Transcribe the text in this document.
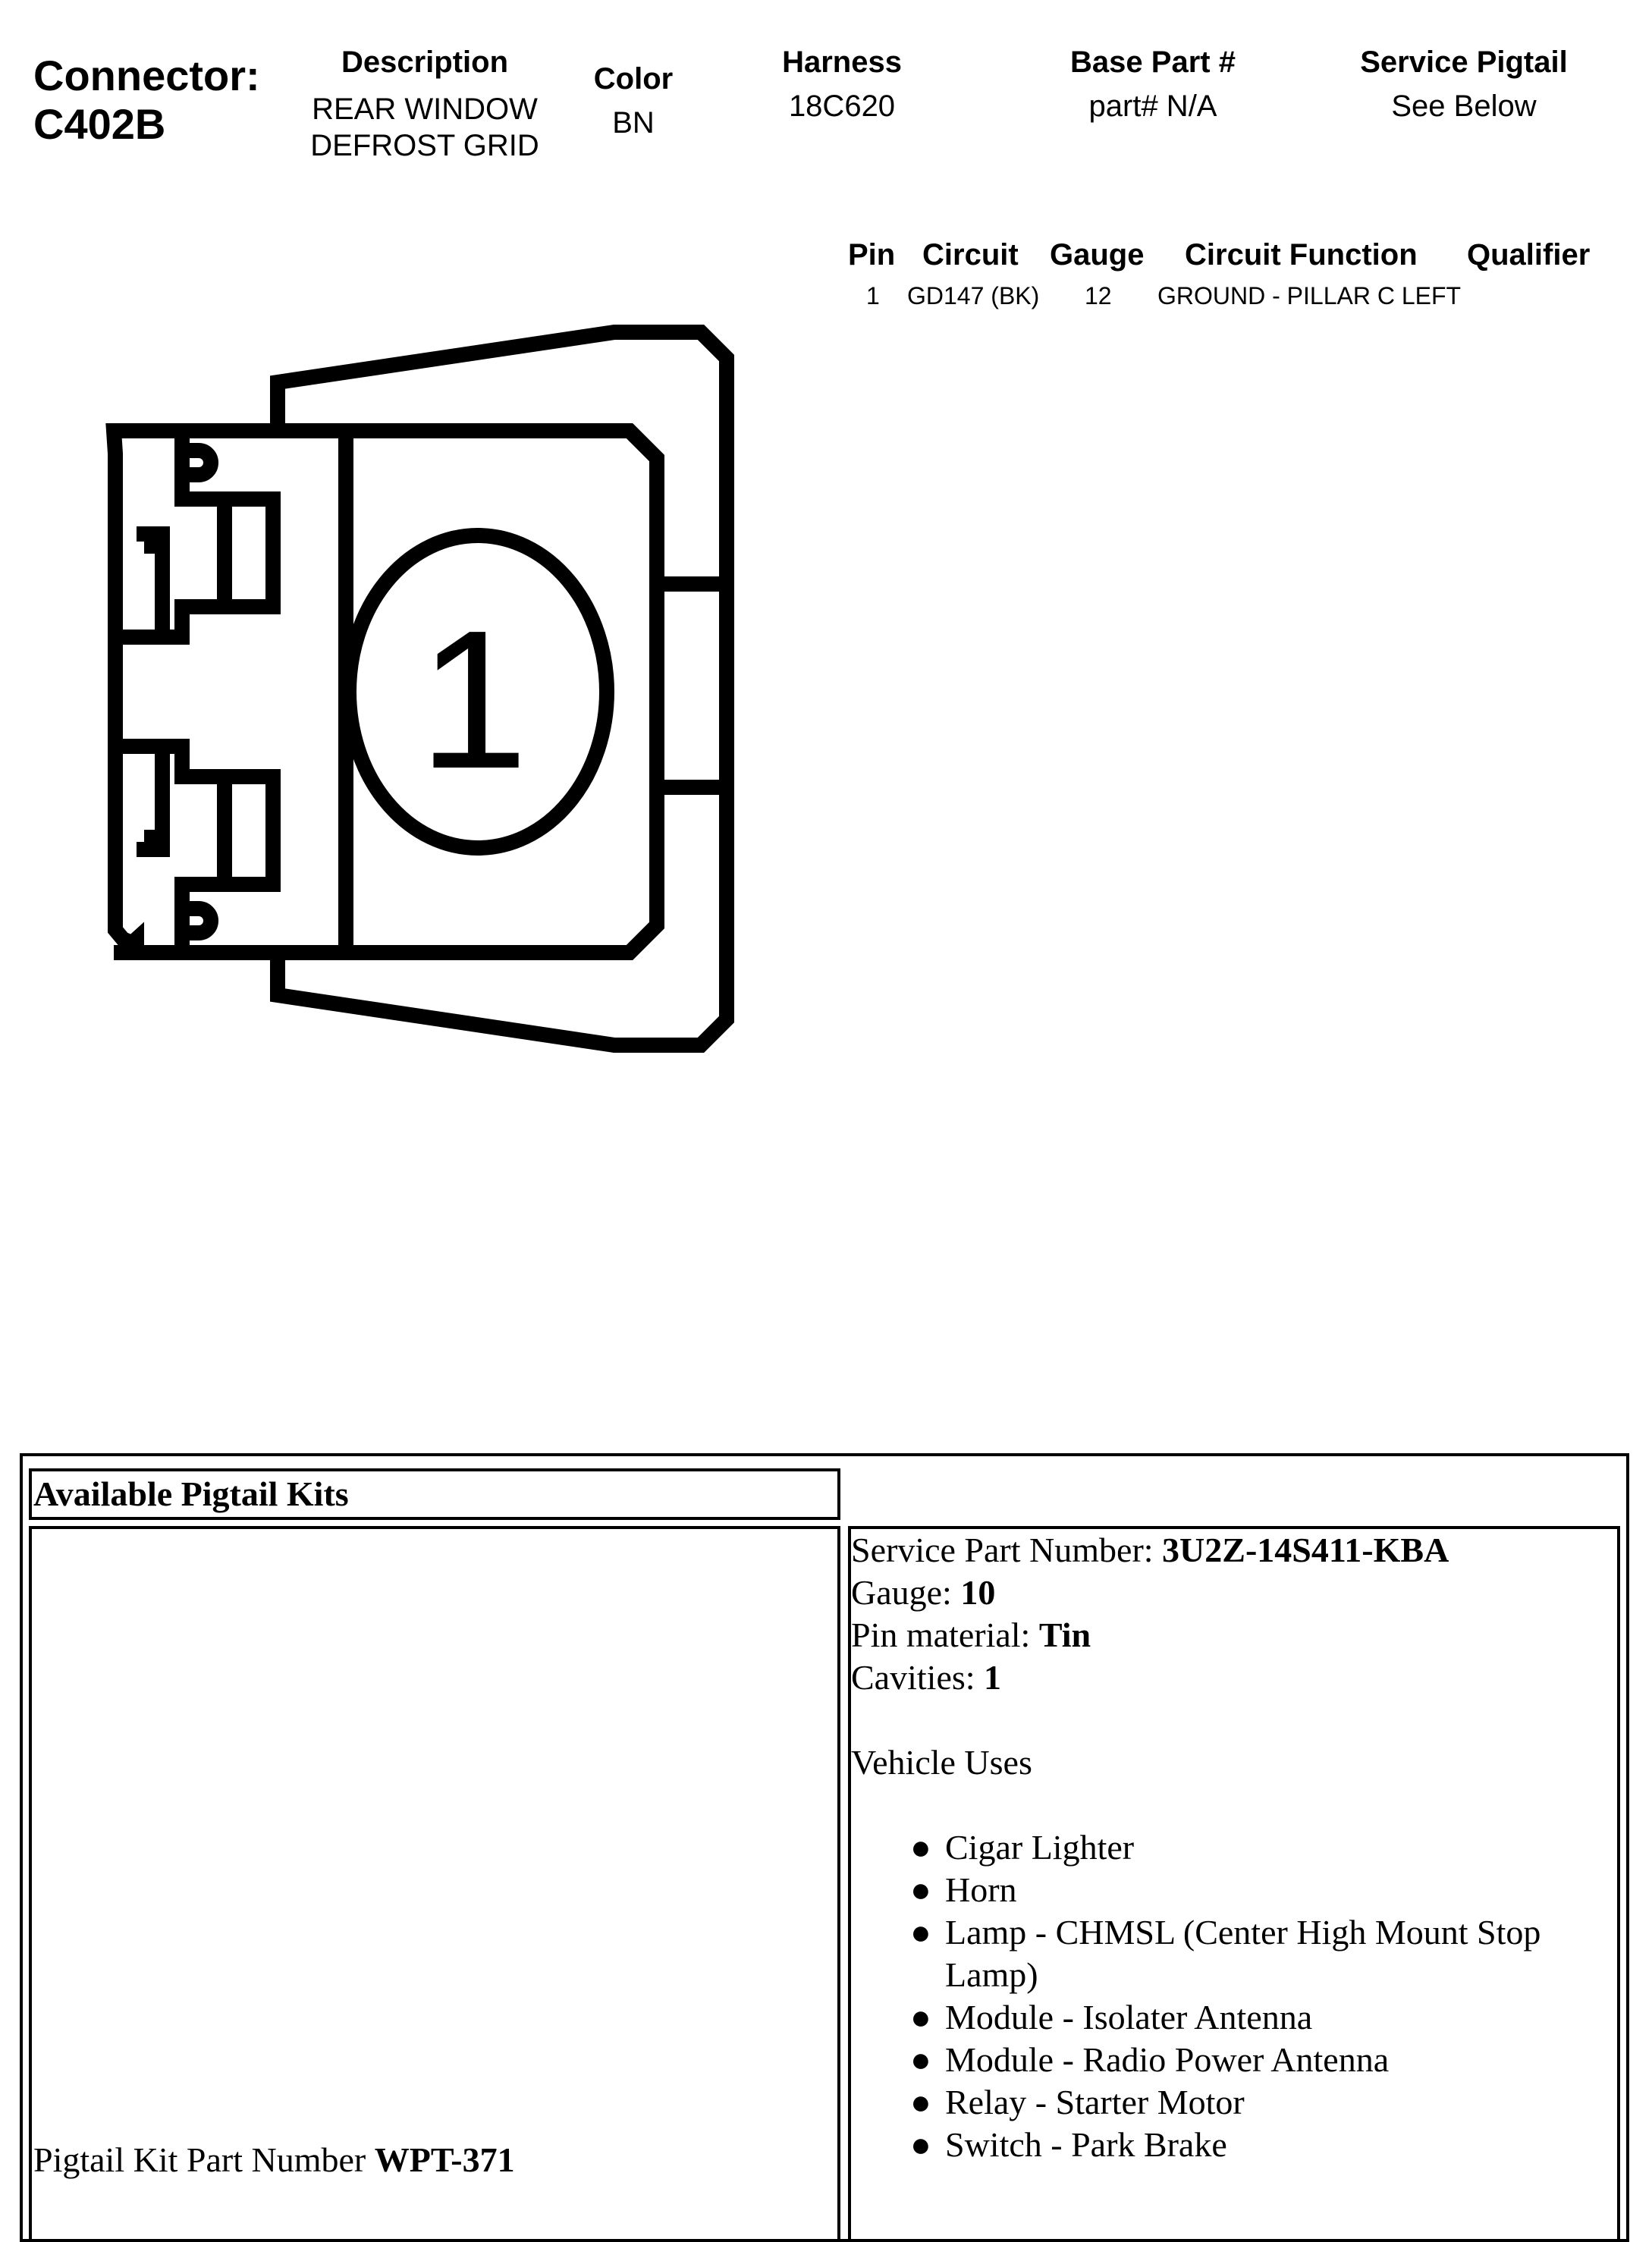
Connector:
C402B
Description
REAR WINDOW
DEFROST GRID
Color
BN
Harness
18C620
Base Part #
part# N/A
Service Pigtail
See Below
Pin Circuit Gauge Circuit Function Qualifier
1 GD147 (BK) 12 GROUND - PILLAR C LEFT
1
Available Pigtail Kits
Pigtail Kit Part Number WPT-371
Service Part Number: 3U2Z-14S411-KBA
Gauge: 10
Pin material: Tin
Cavities: 1
Vehicle Uses
● Cigar Lighter
● Horn
● Lamp - CHMSL (Center High Mount Stop Lamp)
● Module - Isolater Antenna
● Module - Radio Power Antenna
● Relay - Starter Motor
● Switch - Park Brake
